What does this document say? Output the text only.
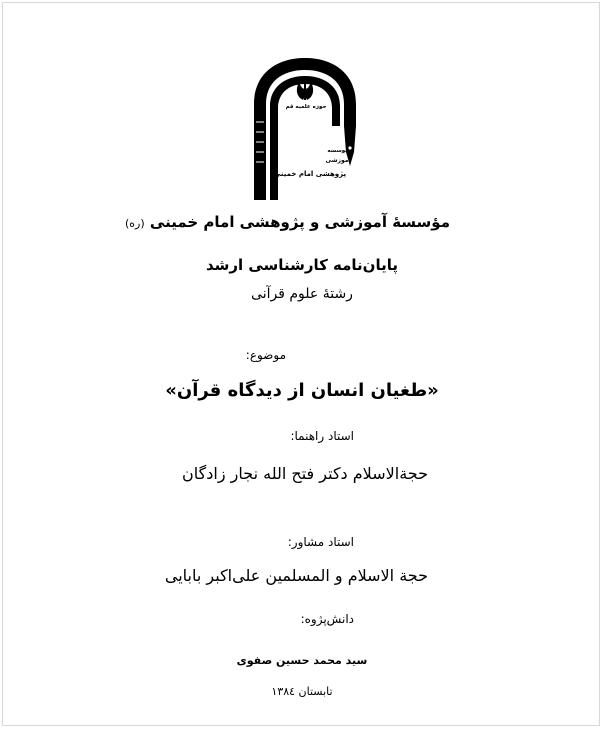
حوزه علمیه قم
موسسه
آموزشی
پژوهشی امام خمینی
مؤسسۀ آموزشی و پژوهشی امام خمینی (ره)
پایان‌نامه کارشناسی ارشد
رشتۀ علوم قرآنی
موضوع:
«طغیان انسان از دیدگاه قرآن»
استاد راهنما:
حجة‌الاسلام دکتر فتح الله نجار زادگان
استاد مشاور:
حجة الاسلام و المسلمین علی‌اکبر بابایی
دانش‌پژوه:
سید محمد حسین صفوی
تابستان ۱۳۸٤
